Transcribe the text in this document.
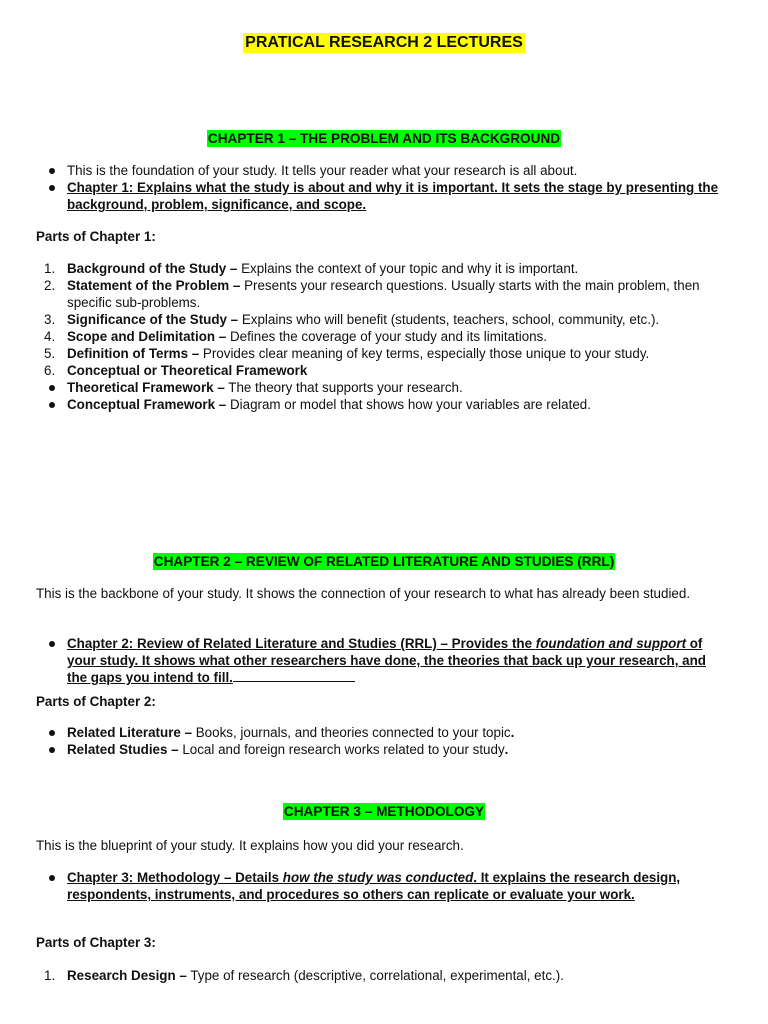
PRATICAL RESEARCH 2 LECTURES
CHAPTER 1 – THE PROBLEM AND ITS BACKGROUND
This is the foundation of your study. It tells your reader what your research is all about.
Chapter 1: Explains what the study is about and why it is important. It sets the stage by presenting the background, problem, significance, and scope.

Parts of Chapter 1:

1. Background of the Study – Explains the context of your topic and why it is important.
2. Statement of the Problem – Presents your research questions. Usually starts with the main problem, then specific sub-problems.
3. Significance of the Study – Explains who will benefit (students, teachers, school, community, etc.).
4. Scope and Delimitation – Defines the coverage of your study and its limitations.
5. Definition of Terms – Provides clear meaning of key terms, especially those unique to your study.
6. Conceptual or Theoretical Framework
Theoretical Framework – The theory that supports your research.
Conceptual Framework – Diagram or model that shows how your variables are related.
CHAPTER 2 – REVIEW OF RELATED LITERATURE AND STUDIES (RRL)

This is the backbone of your study. It shows the connection of your research to what has already been studied.

Chapter 2: Review of Related Literature and Studies (RRL) – Provides the foundation and support of your study. It shows what other researchers have done, the theories that back up your research, and the gaps you intend to fill.

Parts of Chapter 2:

Related Literature – Books, journals, and theories connected to your topic.
Related Studies – Local and foreign research works related to your study.
CHAPTER 3 – METHODOLOGY

This is the blueprint of your study. It explains how you did your research.

Chapter 3: Methodology – Details how the study was conducted. It explains the research design, respondents, instruments, and procedures so others can replicate or evaluate your work.

Parts of Chapter 3:

1. Research Design – Type of research (descriptive, correlational, experimental, etc.).
